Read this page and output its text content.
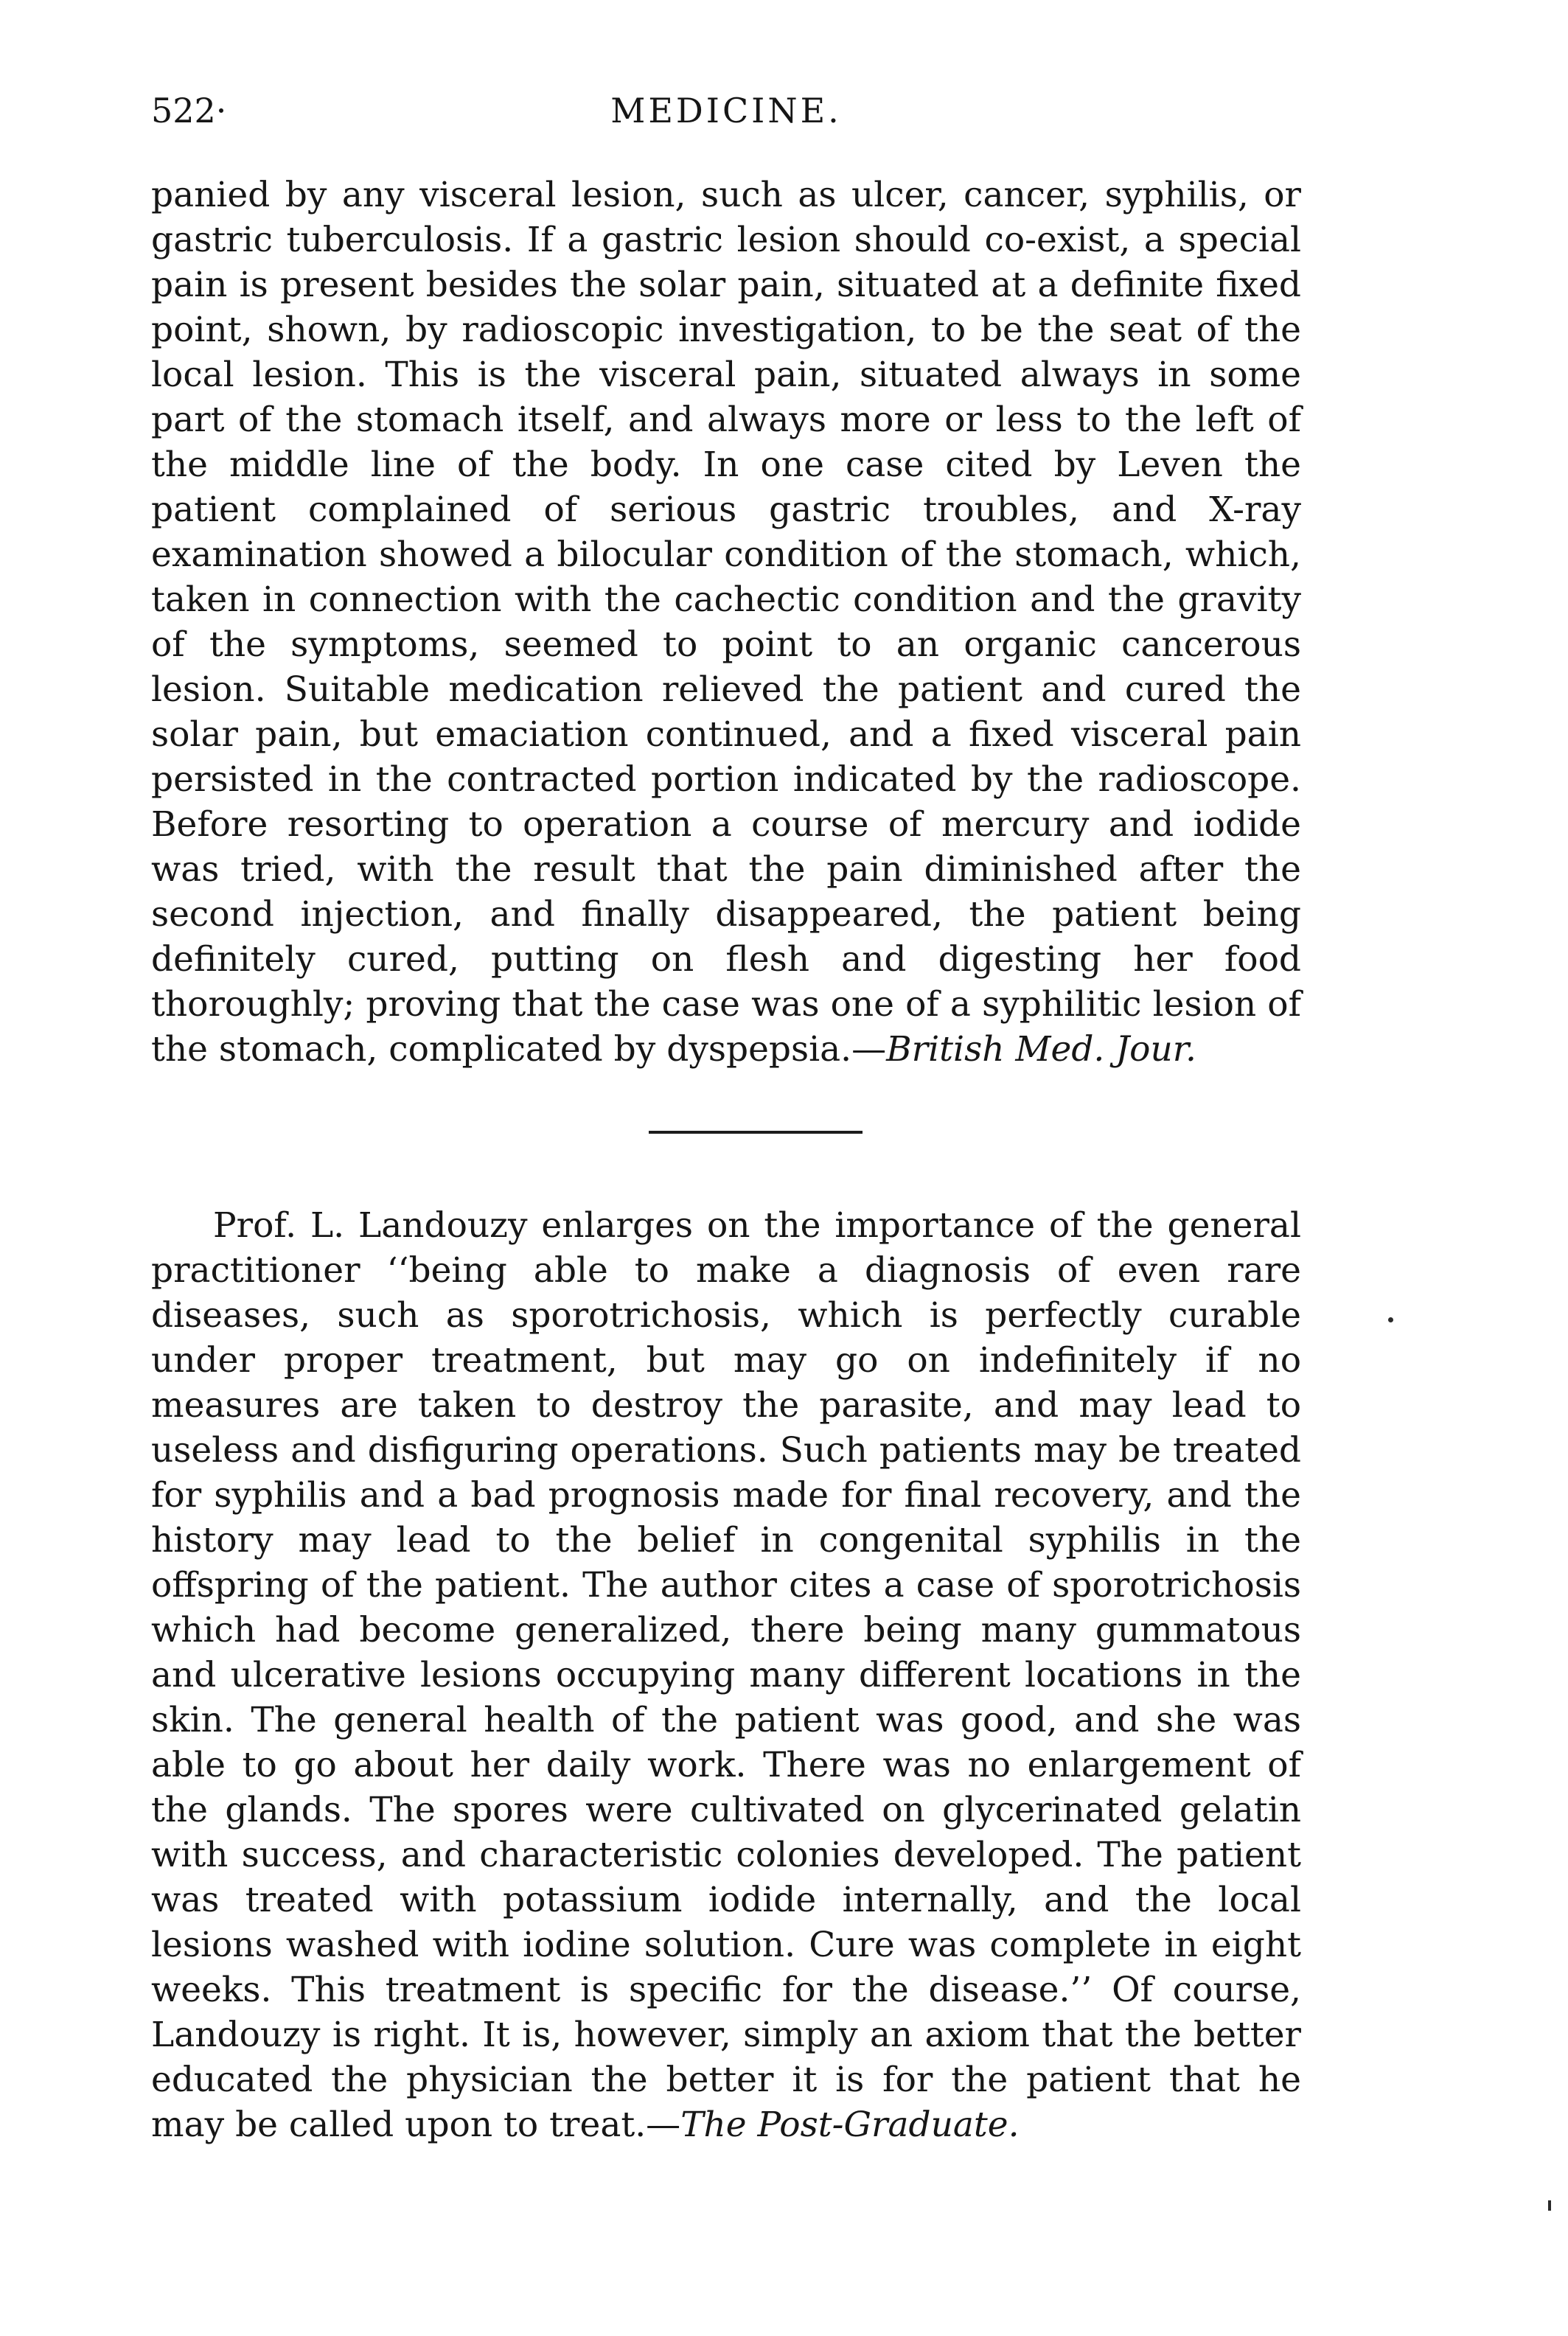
522·	MEDICINE.

panied by any visceral lesion, such as ulcer, cancer, syphilis, or gastric tuberculosis. If a gastric lesion should co-exist, a special pain is present besides the solar pain, situated at a definite fixed point, shown, by radioscopic investigation, to be the seat of the local lesion. This is the visceral pain, situated always in some part of the stomach itself, and always more or less to the left of the middle line of the body. In one case cited by Leven the patient complained of serious gastric troubles, and X-ray examination showed a bilocular condition of the stomach, which, taken in connection with the cachectic condition and the gravity of the symptoms, seemed to point to an organic cancerous lesion. Suitable medication relieved the patient and cured the solar pain, but emaciation continued, and a fixed visceral pain persisted in the contracted portion indicated by the radioscope. Before resorting to operation a course of mercury and iodide was tried, with the result that the pain diminished after the second injection, and finally disappeared, the patient being definitely cured, putting on flesh and digesting her food thoroughly; proving that the case was one of a syphilitic lesion of the stomach, complicated by dyspepsia.—British Med. Jour.

Prof. L. Landouzy enlarges on the importance of the general practitioner ‘‘being able to make a diagnosis of even rare diseases, such as sporotrichosis, which is perfectly curable under proper treatment, but may go on indefinitely if no measures are taken to destroy the parasite, and may lead to useless and disfiguring operations. Such patients may be treated for syphilis and a bad prognosis made for final recovery, and the history may lead to the belief in congenital syphilis in the offspring of the patient. The author cites a case of sporotrichosis which had become generalized, there being many gummatous and ulcerative lesions occupying many different locations in the skin. The general health of the patient was good, and she was able to go about her daily work. There was no enlargement of the glands. The spores were cultivated on glycerinated gelatin with success, and characteristic colonies developed. The patient was treated with potassium iodide internally, and the local lesions washed with iodine solution. Cure was complete in eight weeks. This treatment is specific for the disease.’’ Of course, Landouzy is right. It is, however, simply an axiom that the better educated the physician the better it is for the patient that he may be called upon to treat.—The Post-Graduate.
